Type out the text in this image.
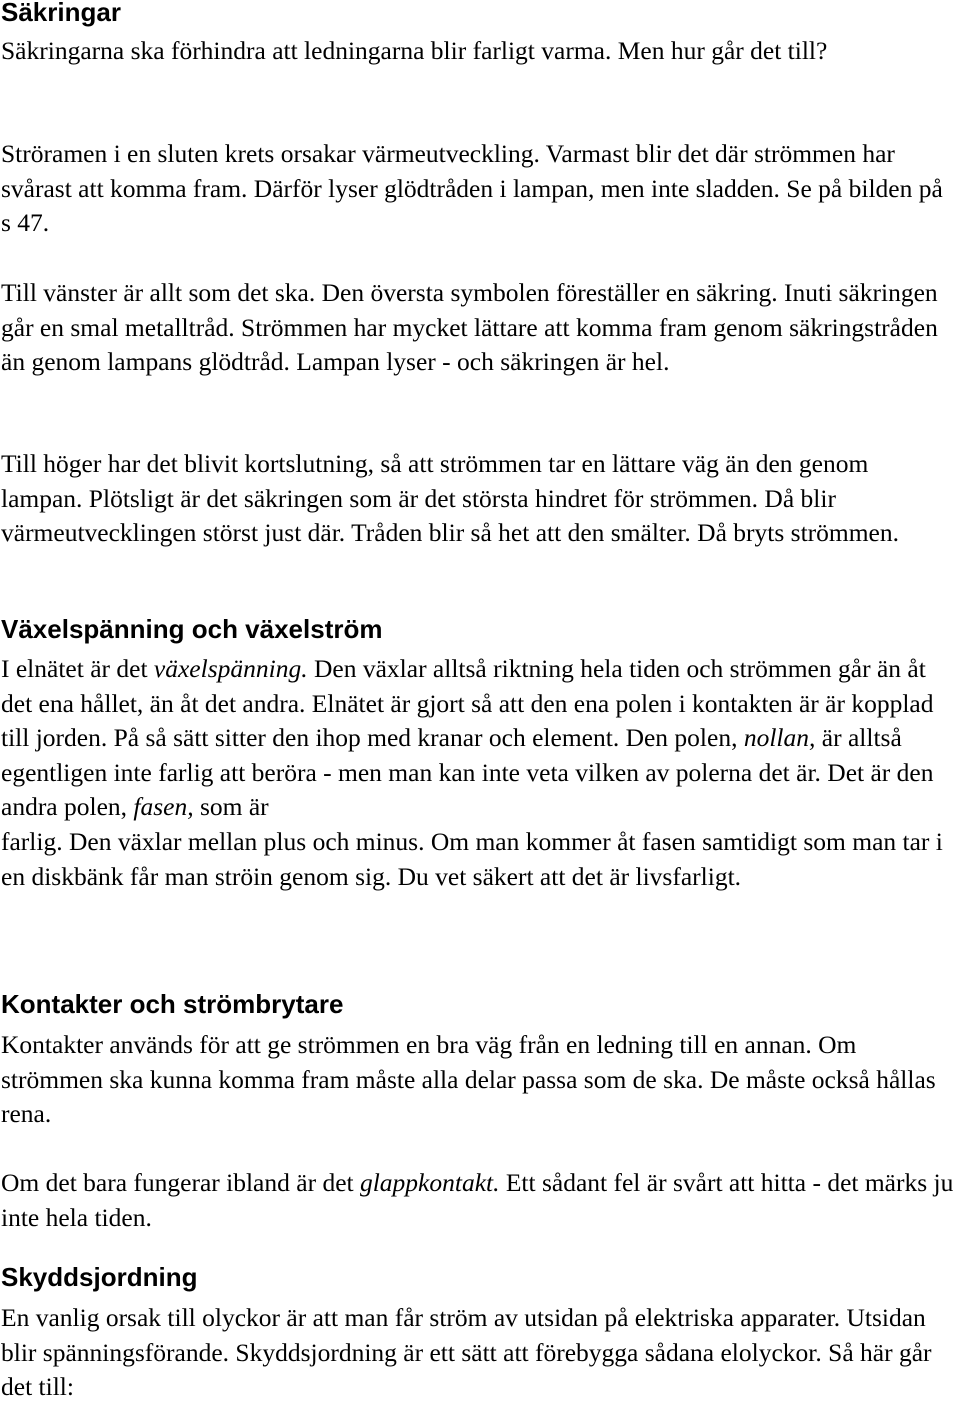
Säkringar

Säkringarna ska förhindra att ledningarna blir farligt varma. Men hur går det till?

Ströramen i en sluten krets orsakar värmeutveckling. Varmast blir det där strömmen har svårast att komma fram. Därför lyser glödtråden i lampan, men inte sladden. Se på bilden på s 47.

Till vänster är allt som det ska. Den översta symbolen föreställer en säkring. Inuti säkringen går en smal metalltråd. Strömmen har mycket lättare att komma fram genom säkringstråden än genom lampans glödtråd. Lampan lyser - och säkringen är hel.

Till höger har det blivit kortslutning, så att strömmen tar en lättare väg än den genom lampan. Plötsligt är det säkringen som är det största hindret för strömmen. Då blir värmeutvecklingen störst just där. Tråden blir så het att den smälter. Då bryts strömmen.

Växelspänning och växelström

I elnätet är det växelspänning. Den växlar alltså riktning hela tiden och strömmen går än åt det ena hållet, än åt det andra. Elnätet är gjort så att den ena polen i kontakten är är kopplad till jorden. På så sätt sitter den ihop med kranar och element. Den polen, nollan, är alltså egentligen inte farlig att beröra - men man kan inte veta vilken av polerna det är. Det är den andra polen, fasen, som är
farlig. Den växlar mellan plus och minus. Om man kommer åt fasen samtidigt som man tar i en diskbänk får man ströin genom sig. Du vet säkert att det är livsfarligt.

Kontakter och strömbrytare

Kontakter används för att ge strömmen en bra väg från en ledning till en annan. Om strömmen ska kunna komma fram måste alla delar passa som de ska. De måste också hållas rena.

Om det bara fungerar ibland är det glappkontakt. Ett sådant fel är svårt att hitta - det märks ju inte hela tiden.

Skyddsjordning

En vanlig orsak till olyckor är att man får ström av utsidan på elektriska apparater. Utsidan blir spänningsförande. Skyddsjordning är ett sätt att förebygga sådana elolyckor. Så här går det till:
